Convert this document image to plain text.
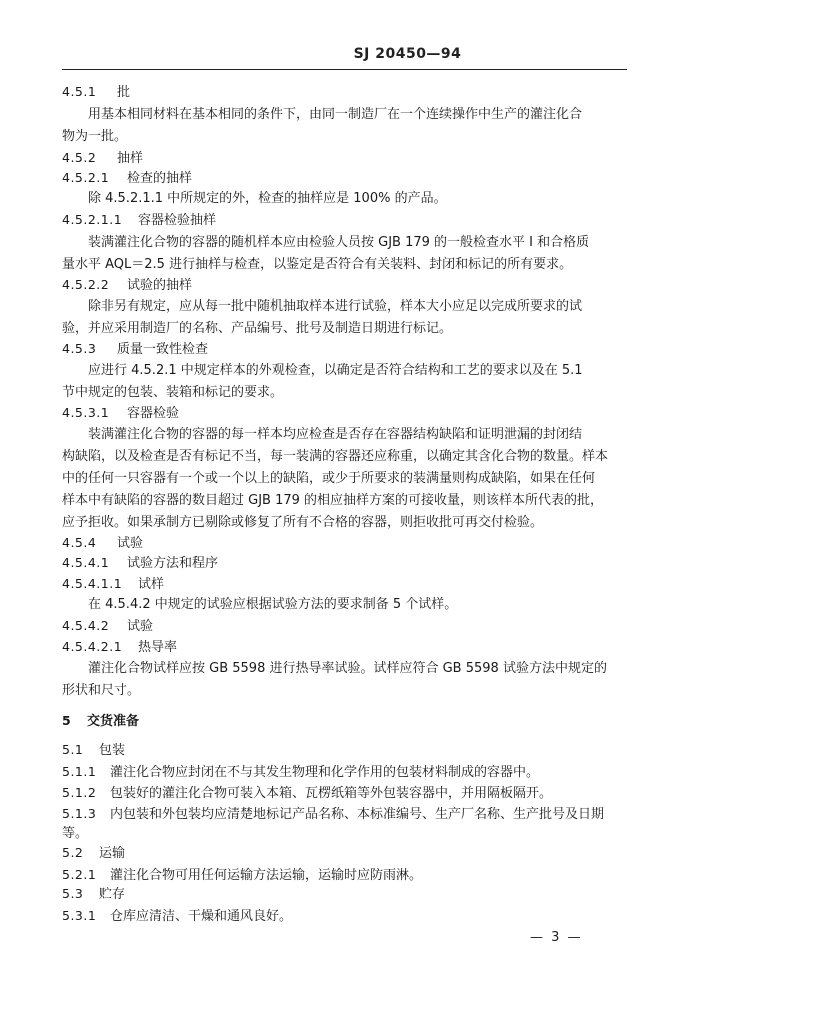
SJ 20450—94
4.5.1 批
用基本相同材料在基本相同的条件下，由同一制造厂在一个连续操作中生产的灌注化合
物为一批。
4.5.2 抽样
4.5.2.1 检查的抽样
除 4.5.2.1.1 中所规定的外，检查的抽样应是 100% 的产品。
4.5.2.1.1 容器检验抽样
装满灌注化合物的容器的随机样本应由检验人员按 GJB 179 的一般检查水平 I 和合格质
量水平 AQL＝2.5 进行抽样与检查，以鉴定是否符合有关装料、封闭和标记的所有要求。
4.5.2.2 试验的抽样
除非另有规定，应从每一批中随机抽取样本进行试验，样本大小应足以完成所要求的试
验，并应采用制造厂的名称、产品编号、批号及制造日期进行标记。
4.5.3 质量一致性检查
应进行 4.5.2.1 中规定样本的外观检查，以确定是否符合结构和工艺的要求以及在 5.1
节中规定的包装、装箱和标记的要求。
4.5.3.1 容器检验
装满灌注化合物的容器的每一样本均应检查是否存在容器结构缺陷和证明泄漏的封闭结
构缺陷，以及检查是否有标记不当，每一装满的容器还应称重，以确定其含化合物的数量。样本
中的任何一只容器有一个或一个以上的缺陷，或少于所要求的装满量则构成缺陷，如果在任何
样本中有缺陷的容器的数目超过 GJB 179 的相应抽样方案的可接收量，则该样本所代表的批，
应予拒收。如果承制方已剔除或修复了所有不合格的容器，则拒收批可再交付检验。
4.5.4 试验
4.5.4.1 试验方法和程序
4.5.4.1.1 试样
在 4.5.4.2 中规定的试验应根据试验方法的要求制备 5 个试样。
4.5.4.2 试验
4.5.4.2.1 热导率
灌注化合物试样应按 GB 5598 进行热导率试验。试样应符合 GB 5598 试验方法中规定的
形状和尺寸。
5 交货准备
5.1 包装
5.1.1 灌注化合物应封闭在不与其发生物理和化学作用的包装材料制成的容器中。
5.1.2 包装好的灌注化合物可装入本箱、瓦楞纸箱等外包装容器中，并用隔板隔开。
5.1.3 内包装和外包装均应清楚地标记产品名称、本标准编号、生产厂名称、生产批号及日期
等。
5.2 运输
5.2.1 灌注化合物可用任何运输方法运输，运输时应防雨淋。
5.3 贮存
5.3.1 仓库应清洁、干燥和通风良好。
— 3 —
